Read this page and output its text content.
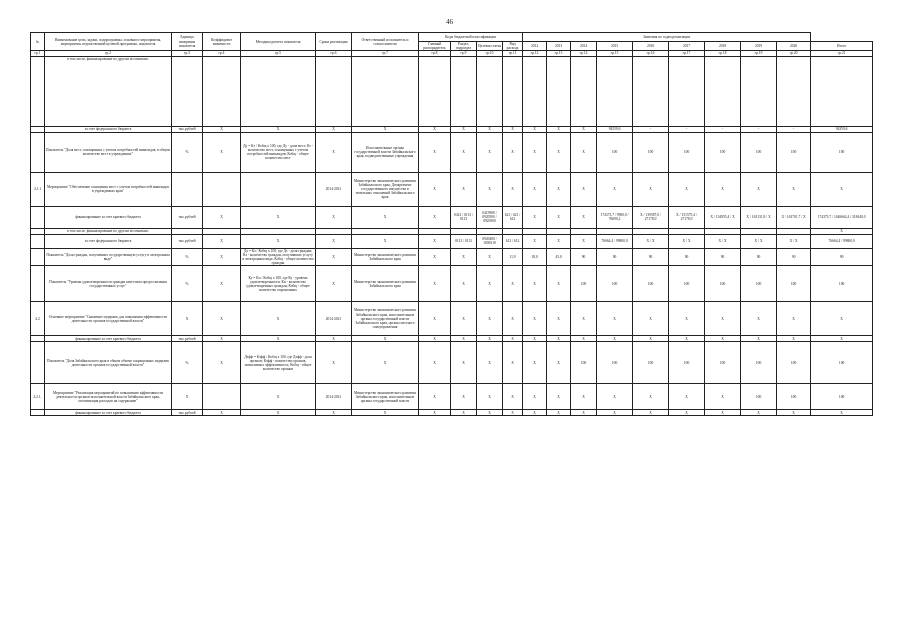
46
№	Наименование цели, задачи, подпрограммы, основного мероприятия, мероприятия, ведомственной целевой программы, показателя	Единица измерения показателя	Коэффициент значимости	Методика расчета показателя	Сроки реализации	Ответственный исполнитель и соисполнители	Коды бюджетной классификации				Значения по годам реализации										
							Главный распорядитель	Раздел, подраздел	Целевая статья	Вид расхода	2012	2013	2014	2015	2016	2017	2018	2019	2020	Итого	
гр.1	гр.2	гр.3	гр.4	гр.5	гр.6	гр.7	гр.8	гр.9	гр.10	гр.11	гр.12	гр.13	гр.14	гр.15	гр.16	гр.17	гр.18	гр.19	гр.20	гр.21	
	в том числе, финансирование по другим источникам:																				
	за счет федерального бюджета	тыс.рублей	X	X	X	X	X	X	X	X	X	X	X	94359,6	-	-	-	-	-	94359,6	
	Показатель "Доля мест, оснащенных с учетом потребностей инвалидов, в общем количестве мест в учреждениях"	%	X	Ду = Кт / Кобщ x 100, где Ду - доля мест; Кт - количество мест, оснащенных с учетом потребностей инвалидов; Кобщ - общее количество мест	X	Исполнительные органы государственной власти Забайкальского края, подведомственные учреждения	X	X	X	X	X	X	X	100	100	100	100	100	100	100	
4.1.1	Мероприятие "Обеспечение оснащения мест с учетом потребностей инвалидов в учреждениях края"				2014-2021	Министерство экономического развития Забайкальского края, Департамент государственного имущества и земельных отношений Забайкальского края	X	X	X	X	X	X	X	X	X	X	X	X	X	X	
	финансирование за счет краевого бюджета	тыс.рублей	X	X	X	X	X	0412 / 0113 / 0113	0419900 / 0920500 / 0920500	621 / 621 / 612	X	X	X	174373,7 / 9900,0 / 76690,2	X / 139587,0 / 27178,0	X / 151575,4 / 27178,0	X / 154955,4 / X	X / 163131,8 / X	X / 163701,7 / X	174373,7 / 1446662,4 / 318440,0	
	в том числе, финансирование по другим источникам:																			X	
	за счет федерального бюджета	тыс.рублей	X	X	X	X	X	0113 / 0113	0920400 / 1006310	612 / 612	X	X	X	76664,4 / 99800,0	X / X	X / X	X / X	X / X	X / X	76664,4 / 99800,0	
	Показатель "Доля граждан, получивших государственную услугу в электронном виде"	%	X	Дэ = Кэ / Кобщ x 100, где Дэ - доля граждан; Кэ - количество граждан, получивших услугу в электронном виде; Кобщ - общее количество граждан	X	Министерство экономического развития Забайкальского края	X	X	X	11,9	18,0	45,0	90	90	90	90	90	90	90	90	
	Показатель "Уровень удовлетворенности граждан качеством предоставления государственных услуг"	%	X	Ку = Кп / Кобщ x 100, где Ку - уровень удовлетворенности; Кп - количество удовлетворенных граждан; Кобщ - общее количество опрошенных	X	Министерство экономического развития Забайкальского края	X	X	X	X	X	X	100	100	100	100	100	100	100	100	
4.2	Основное мероприятие "Снижение издержек для повышения эффективности деятельности органов государственной власти"	X	X	X	2014-2021	Министерство экономического развития Забайкальского края, исполнительные органы государственной власти Забайкальского края, органы местного самоуправления	X	X	X	X	X	X	X	X	X	X	X	X	X	X	
	финансирование за счет краевого бюджета	тыс.рублей	X	X	X	X	X	X	X	X	X	X	X	X	X	X	X	X	X	X	
	Показатель "Доля Забайкальского края в общем объеме сокращенных издержек деятельности органов государственной власти"	%	X	Дэфф = Кэфф / Кобщ x 100, где Дэфф - доля органов; Кэфф - количество органов, повысивших эффективность; Кобщ - общее количество органов	X	X	X	X	X	X	X	X	100	100	100	100	100	100	100	100	
4.2.1.	Мероприятие "Реализация мероприятий по повышению эффективности деятельности органов исполнительной власти Забайкальского края, оптимизация расходов на содержание"	X		X	2014-2021	Министерство экономического развития Забайкальского края, исполнительные органы государственной власти	X	X	X	X	X	X	X	X	X	X	X	100	100	100	
	финансирование за счет краевого бюджета	тыс.рублей	X	X	X	X	X	X	X	X	X	X	X	X	X	X	X	X	X	X	
